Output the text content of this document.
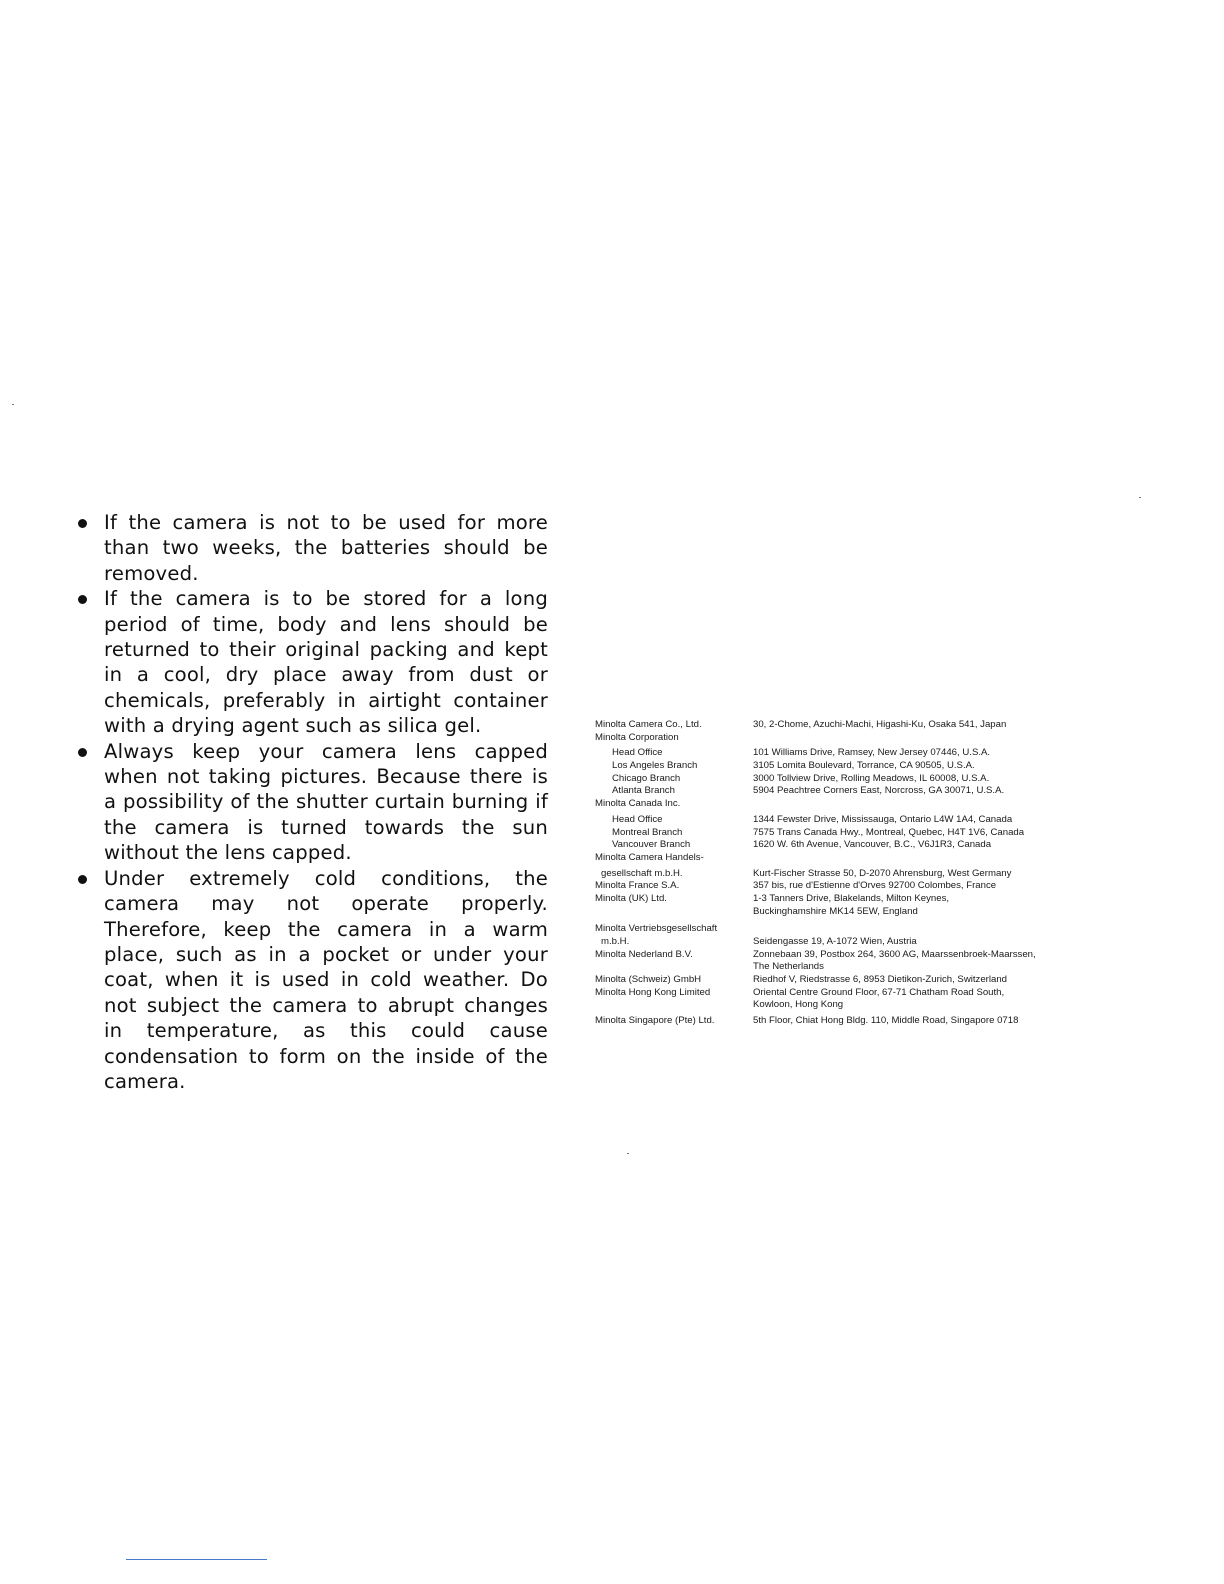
If the camera is not to be used for more than two weeks, the batteries should be removed.
If the camera is to be stored for a long period of time, body and lens should be returned to their original packing and kept in a cool, dry place away from dust or chemicals, preferably in airtight container with a drying agent such as silica gel.
Always keep your camera lens capped when not taking pictures. Because there is a possibility of the shutter curtain burning if the camera is turned towards the sun without the lens capped.
Under extremely cold conditions, the camera may not operate properly. Therefore, keep the camera in a warm place, such as in a pocket or under your coat, when it is used in cold weather. Do not subject the camera to abrupt changes in temperature, as this could cause condensation to form on the inside of the camera.
Minolta Camera Co., Ltd.	30, 2-Chome, Azuchi-Machi, Higashi-Ku, Osaka 541, Japan
Minolta Corporation
Head Office	101 Williams Drive, Ramsey, New Jersey 07446, U.S.A.
Los Angeles Branch	3105 Lomita Boulevard, Torrance, CA 90505, U.S.A.
Chicago Branch	3000 Tollview Drive, Rolling Meadows, IL 60008, U.S.A.
Atlanta Branch	5904 Peachtree Corners East, Norcross, GA 30071, U.S.A.
Minolta Canada Inc.
Head Office	1344 Fewster Drive, Mississauga, Ontario L4W 1A4, Canada
Montreal Branch	7575 Trans Canada Hwy., Montreal, Quebec, H4T 1V6, Canada
Vancouver Branch	1620 W. 6th Avenue, Vancouver, B.C., V6J1R3, Canada
Minolta Camera Handels-
gesellschaft m.b.H.	Kurt-Fischer Strasse 50, D-2070 Ahrensburg, West Germany
Minolta France S.A.	357 bis, rue d'Estienne d'Orves 92700 Colombes, France
Minolta (UK) Ltd.	1-3 Tanners Drive, Blakelands, Milton Keynes,
Buckinghamshire MK14 5EW, England
Minolta Vertriebsgesellschaft
m.b.H.	Seidengasse 19, A-1072 Wien, Austria
Minolta Nederland B.V.	Zonnebaan 39, Postbox 264, 3600 AG, Maarssenbroek-Maarssen,
The Netherlands
Minolta (Schweiz) GmbH	Riedhof V, Riedstrasse 6, 8953 Dietikon-Zurich, Switzerland
Minolta Hong Kong Limited	Oriental Centre Ground Floor, 67-71 Chatham Road South,
Kowloon, Hong Kong
Minolta Singapore (Pte) Ltd.	5th Floor, Chiat Hong Bldg. 110, Middle Road, Singapore 0718
